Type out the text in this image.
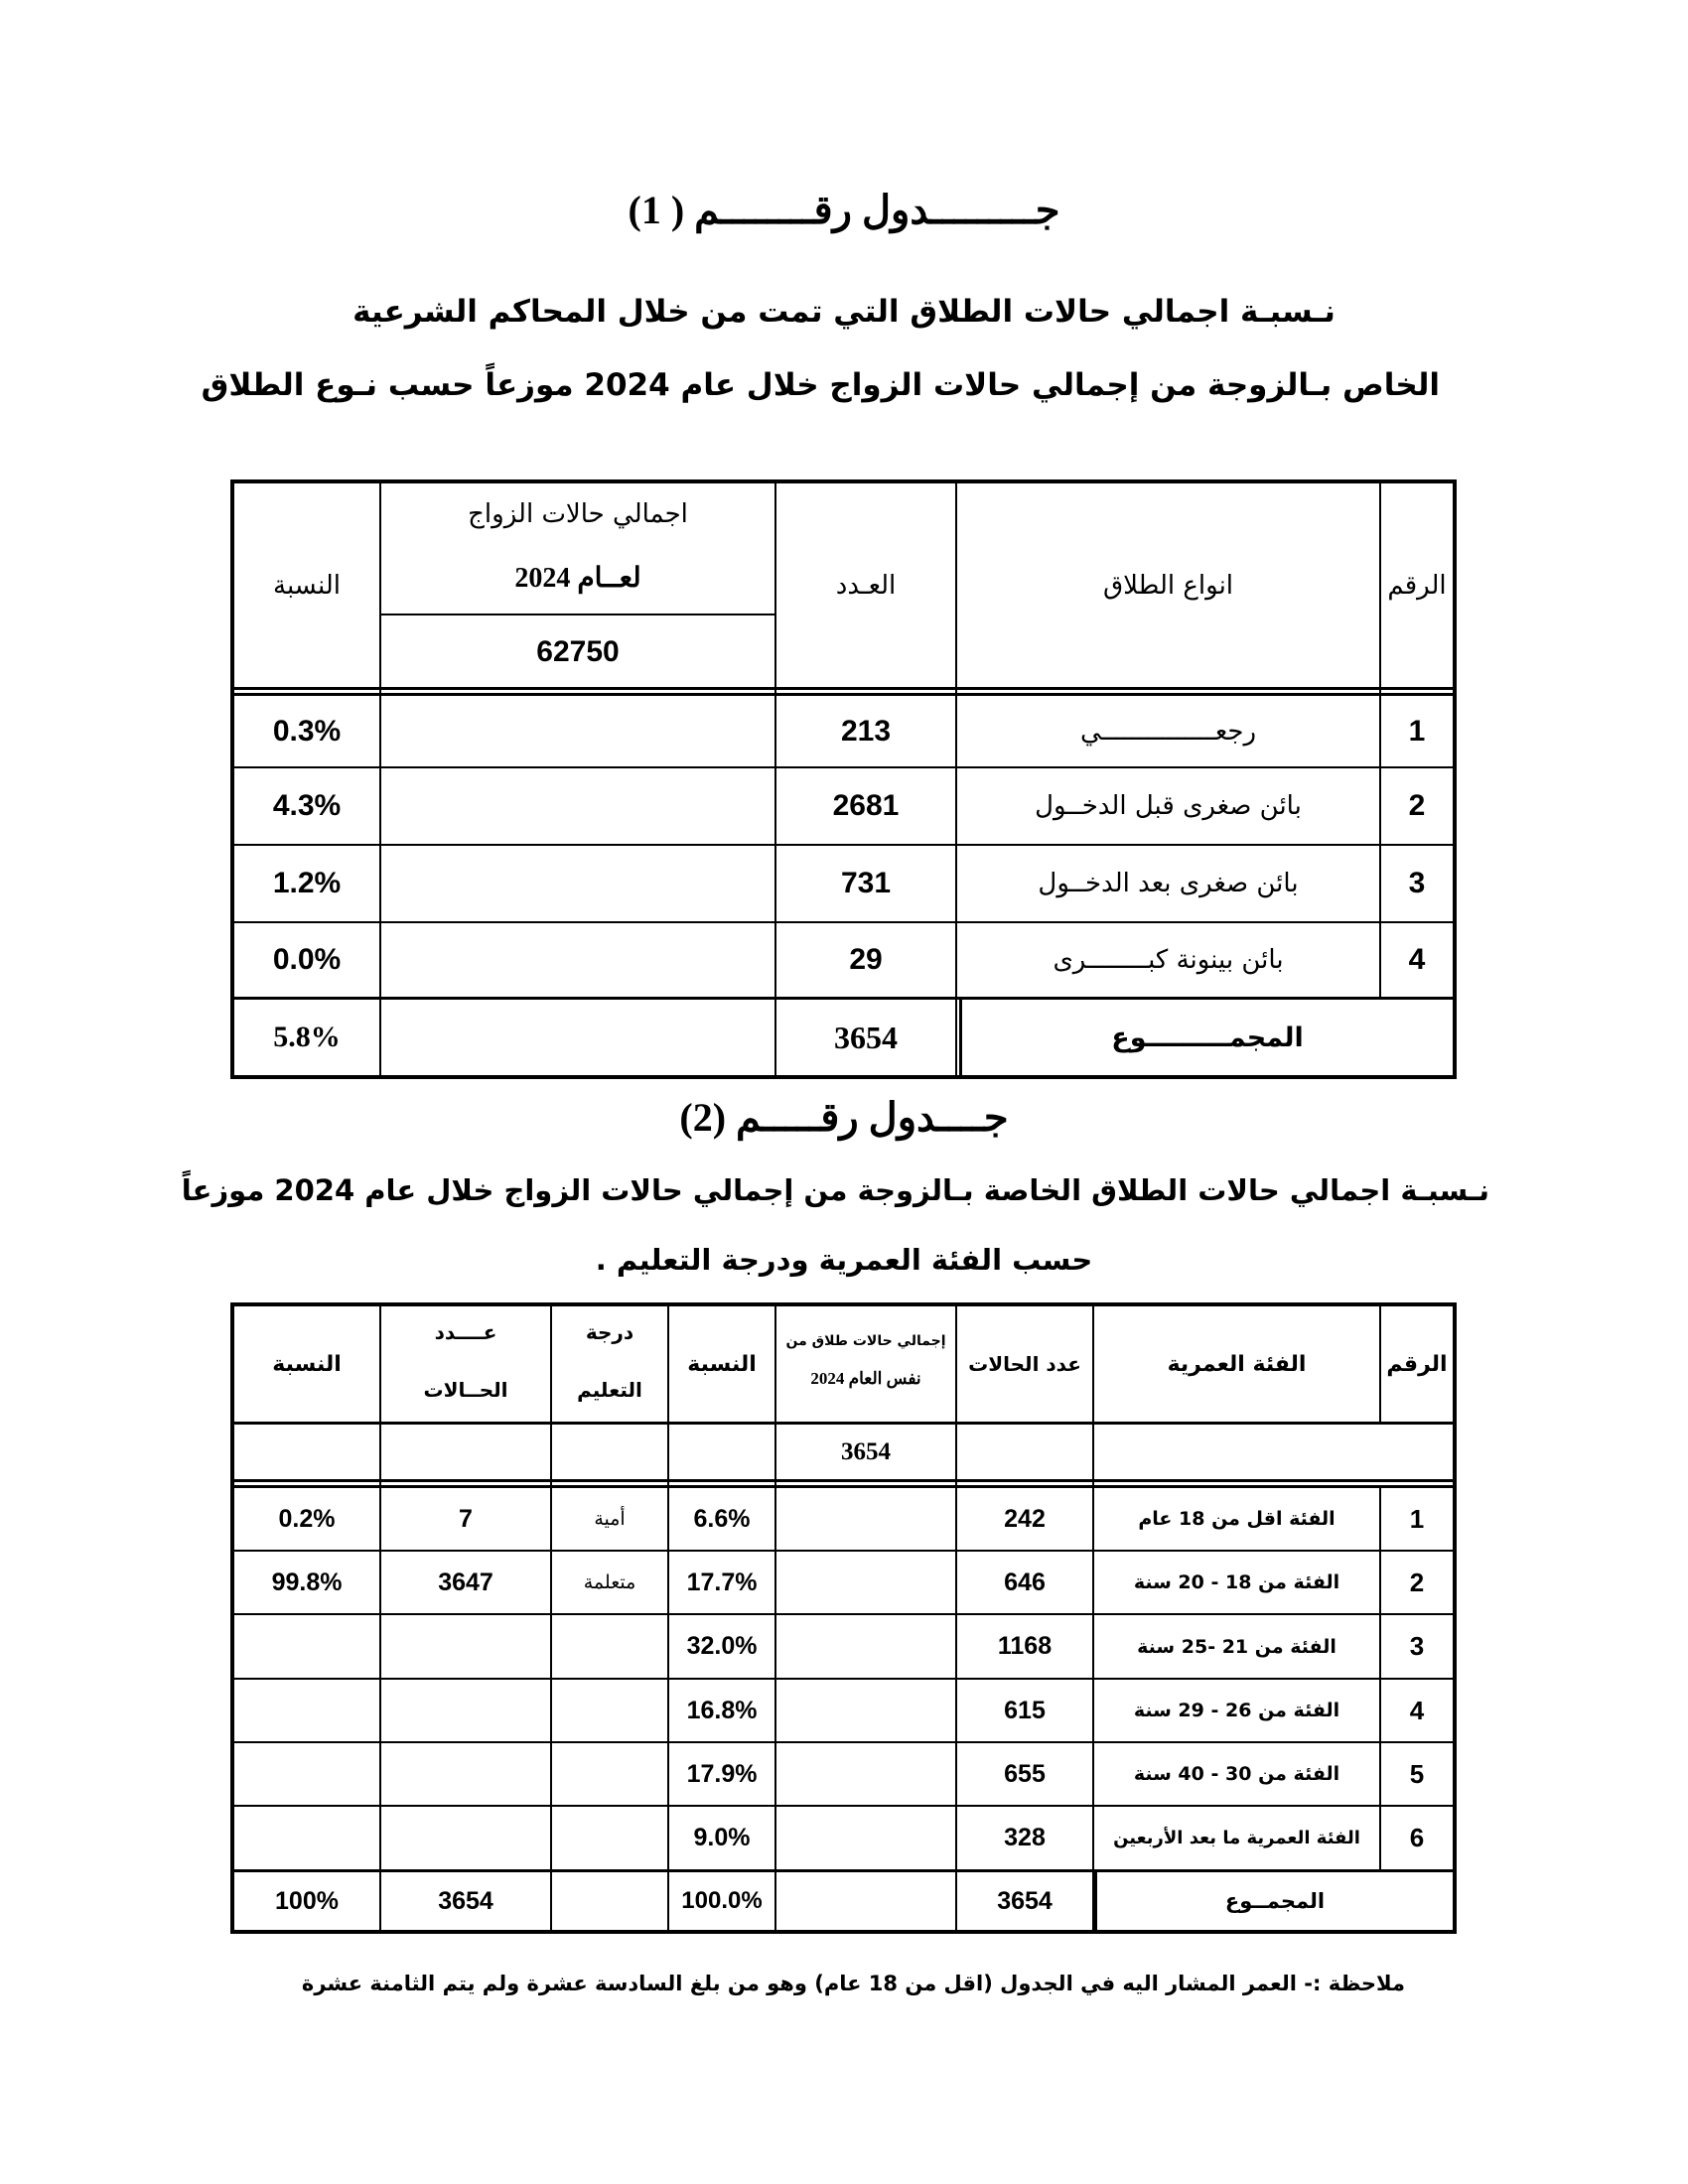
جـــــــــدول رقــــــــم ( 1)
نـسبـة اجمالي حالات الطلاق التي تمت من خلال المحاكم الشرعية
الخاص بـالزوجة من إجمالي حالات الزواج خلال عام 2024 موزعاً حسب نـوع الطلاق
الرقم
انواع الطلاق
العـدد
اجمالي حالات الزواج
لعــام 2024
62750
النسبة
1
رجعـــــــــــــــي
213
0.3%
2
بائن صغرى قبل الدخــول
2681
4.3%
3
بائن صغرى بعد الدخــول
731
1.2%
4
بائن بينونة كبــــــــرى
29
0.0%
المجمـــــــــوع
3654
5.8%
جــــدول رقـــــم (2)
نـسبـة اجمالي حالات الطلاق الخاصة بـالزوجة من إجمالي حالات الزواج خلال عام 2024 موزعاً
حسب الفئة العمرية ودرجة التعليم .
الرقم
الفئة العمرية
عدد الحالات
إجمالي حالات طلاق من
نفس العام 2024
3654
النسبة
درجة
التعليم
عــــدد
الحــالات
النسبة
1
الفئة اقل من 18 عام
242
6.6%
أمية
7
0.2%
2
الفئة من 18 - 20 سنة
646
17.7%
متعلمة
3647
99.8%
3
الفئة من 21 -25 سنة
1168
32.0%
4
الفئة من 26 - 29 سنة
615
16.8%
5
الفئة من 30 - 40 سنة
655
17.9%
6
الفئة العمرية ما بعد الأربعين
328
9.0%
المجمــوع
3654
100.0%
3654
100%
ملاحظة :- العمر المشار اليه في الجدول (اقل من 18 عام) وهو من بلغ السادسة عشرة ولم يتم الثامنة عشرة
